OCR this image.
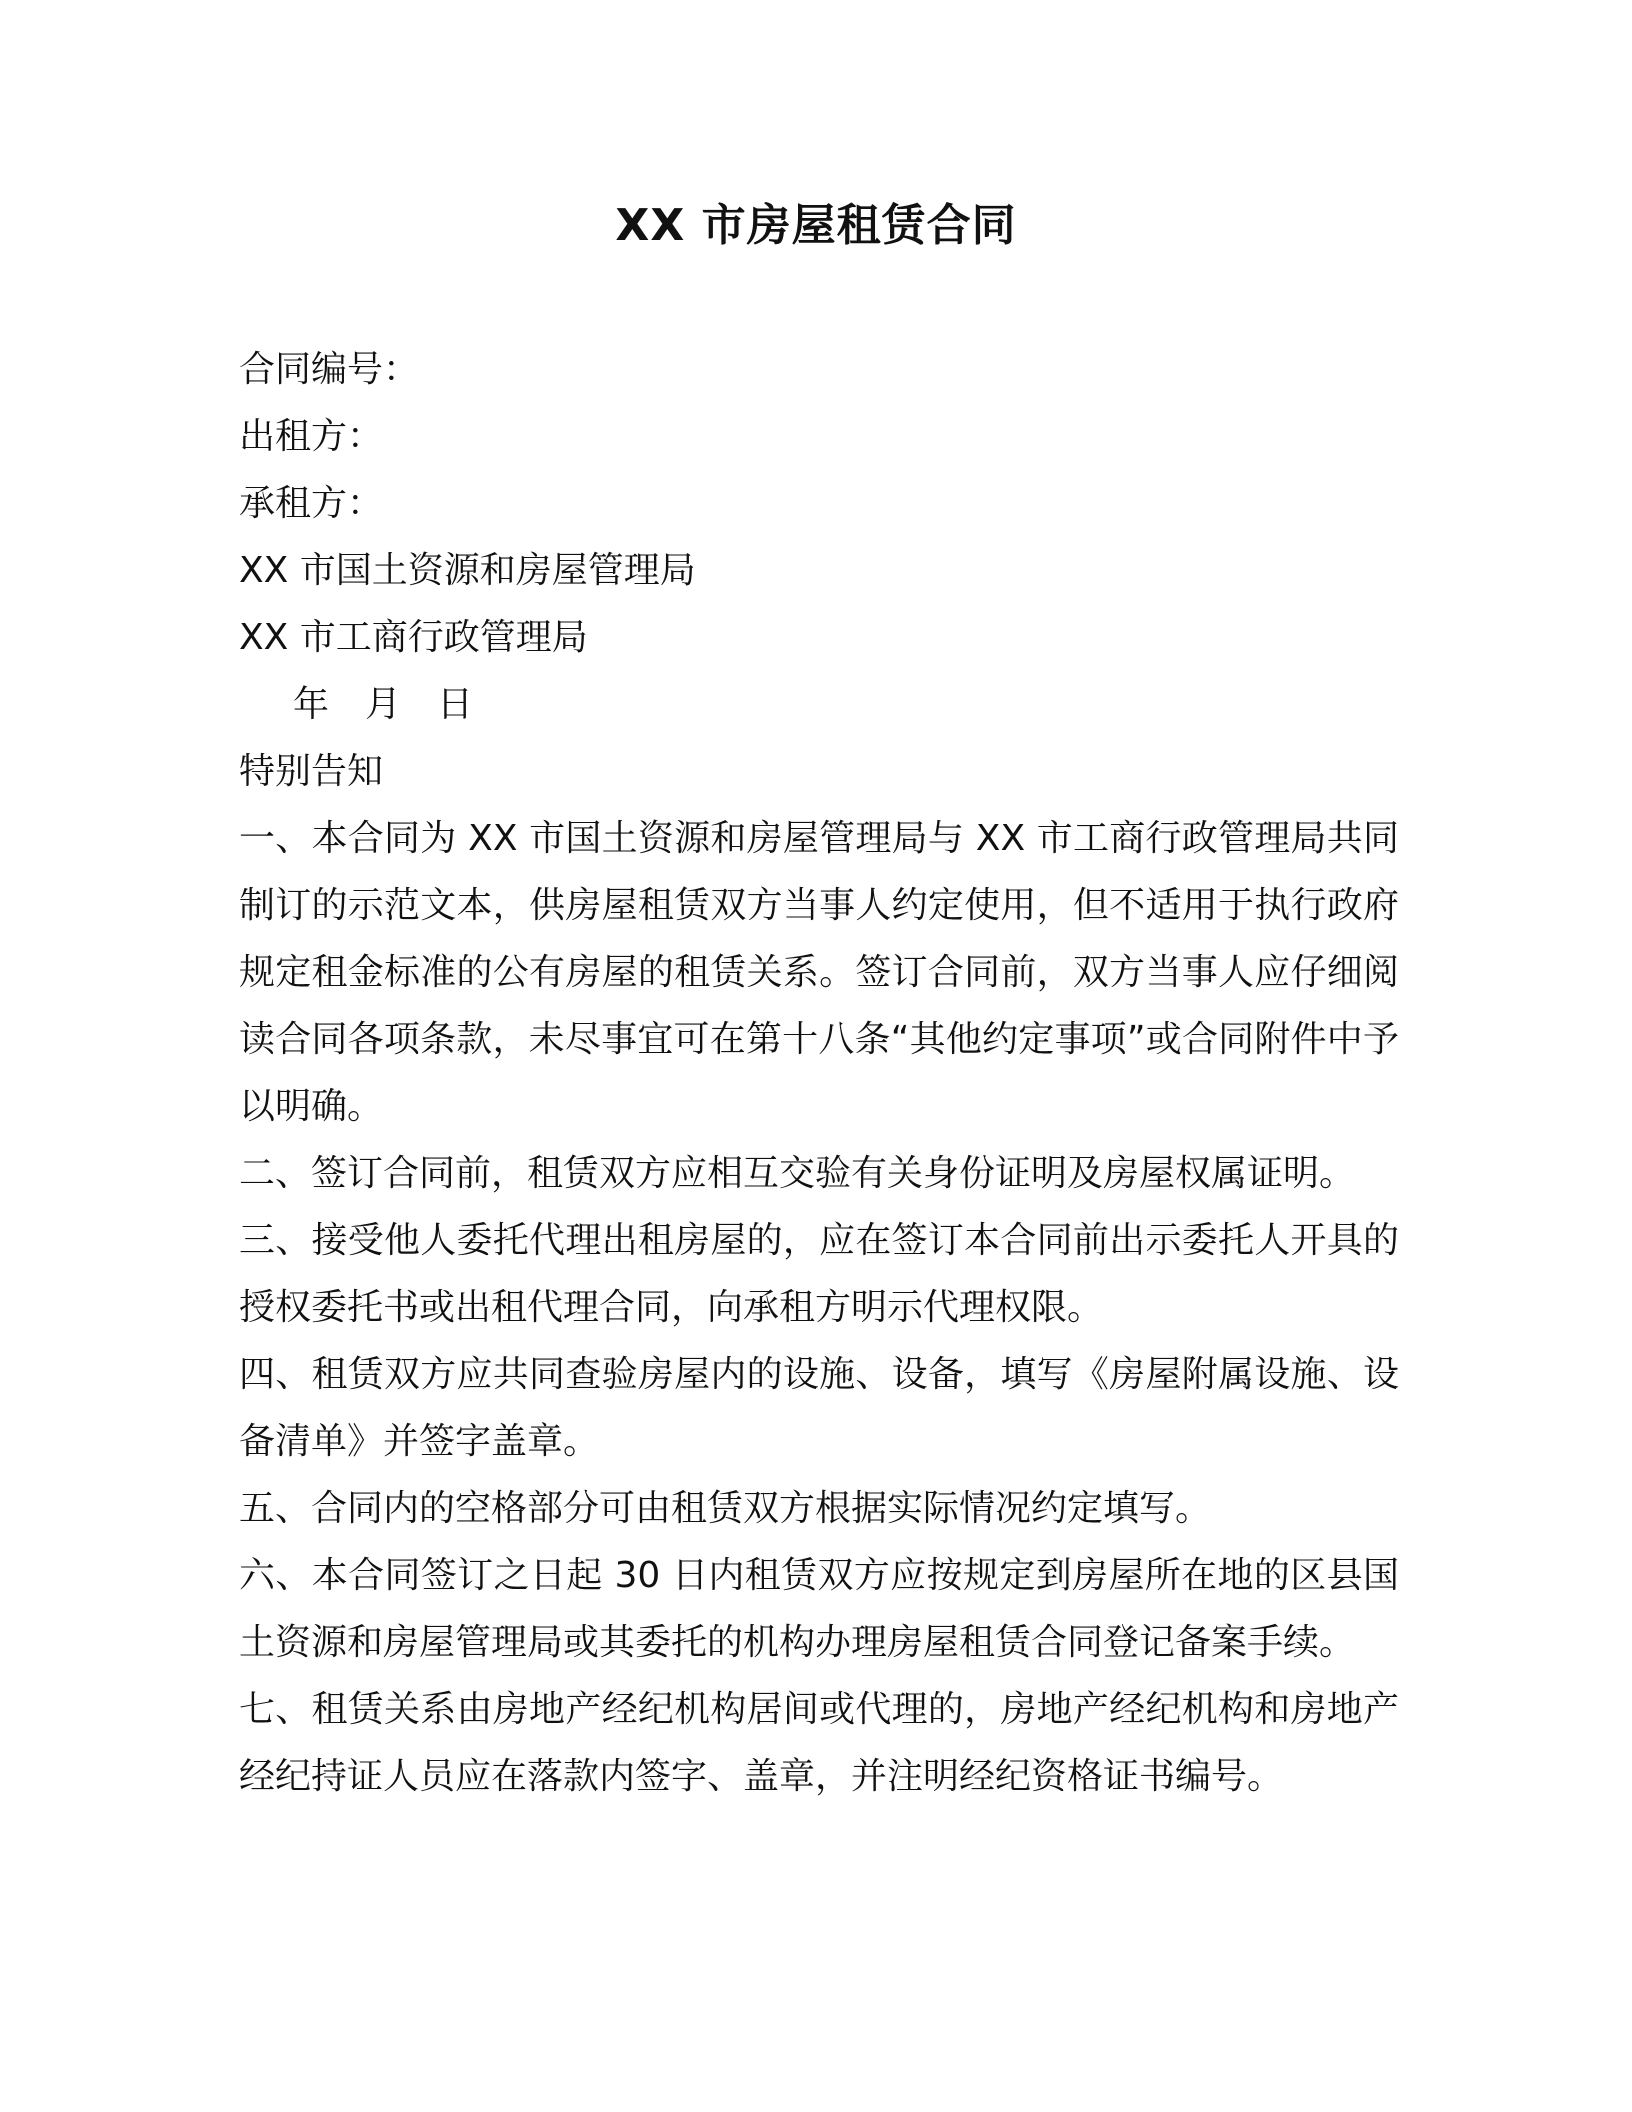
XX 市房屋租赁合同
合同编号：
出租方：
承租方：
XX 市国土资源和房屋管理局
XX 市工商行政管理局
年 月 日
特别告知

一、本合同为 XX 市国土资源和房屋管理局与 XX 市工商行政管理局共同制订的示范文本，供房屋租赁双方当事人约定使用，但不适用于执行政府规定租金标准的公有房屋的租赁关系。签订合同前，双方当事人应仔细阅读合同各项条款，未尽事宜可在第十八条“其他约定事项”或合同附件中予以明确。

二、签订合同前，租赁双方应相互交验有关身份证明及房屋权属证明。

三、接受他人委托代理出租房屋的，应在签订本合同前出示委托人开具的授权委托书或出租代理合同，向承租方明示代理权限。

四、租赁双方应共同查验房屋内的设施、设备，填写《房屋附属设施、设备清单》并签字盖章。

五、合同内的空格部分可由租赁双方根据实际情况约定填写。

六、本合同签订之日起 30 日内租赁双方应按规定到房屋所在地的区县国土资源和房屋管理局或其委托的机构办理房屋租赁合同登记备案手续。

七、租赁关系由房地产经纪机构居间或代理的，房地产经纪机构和房地产经纪持证人员应在落款内签字、盖章，并注明经纪资格证书编号。
